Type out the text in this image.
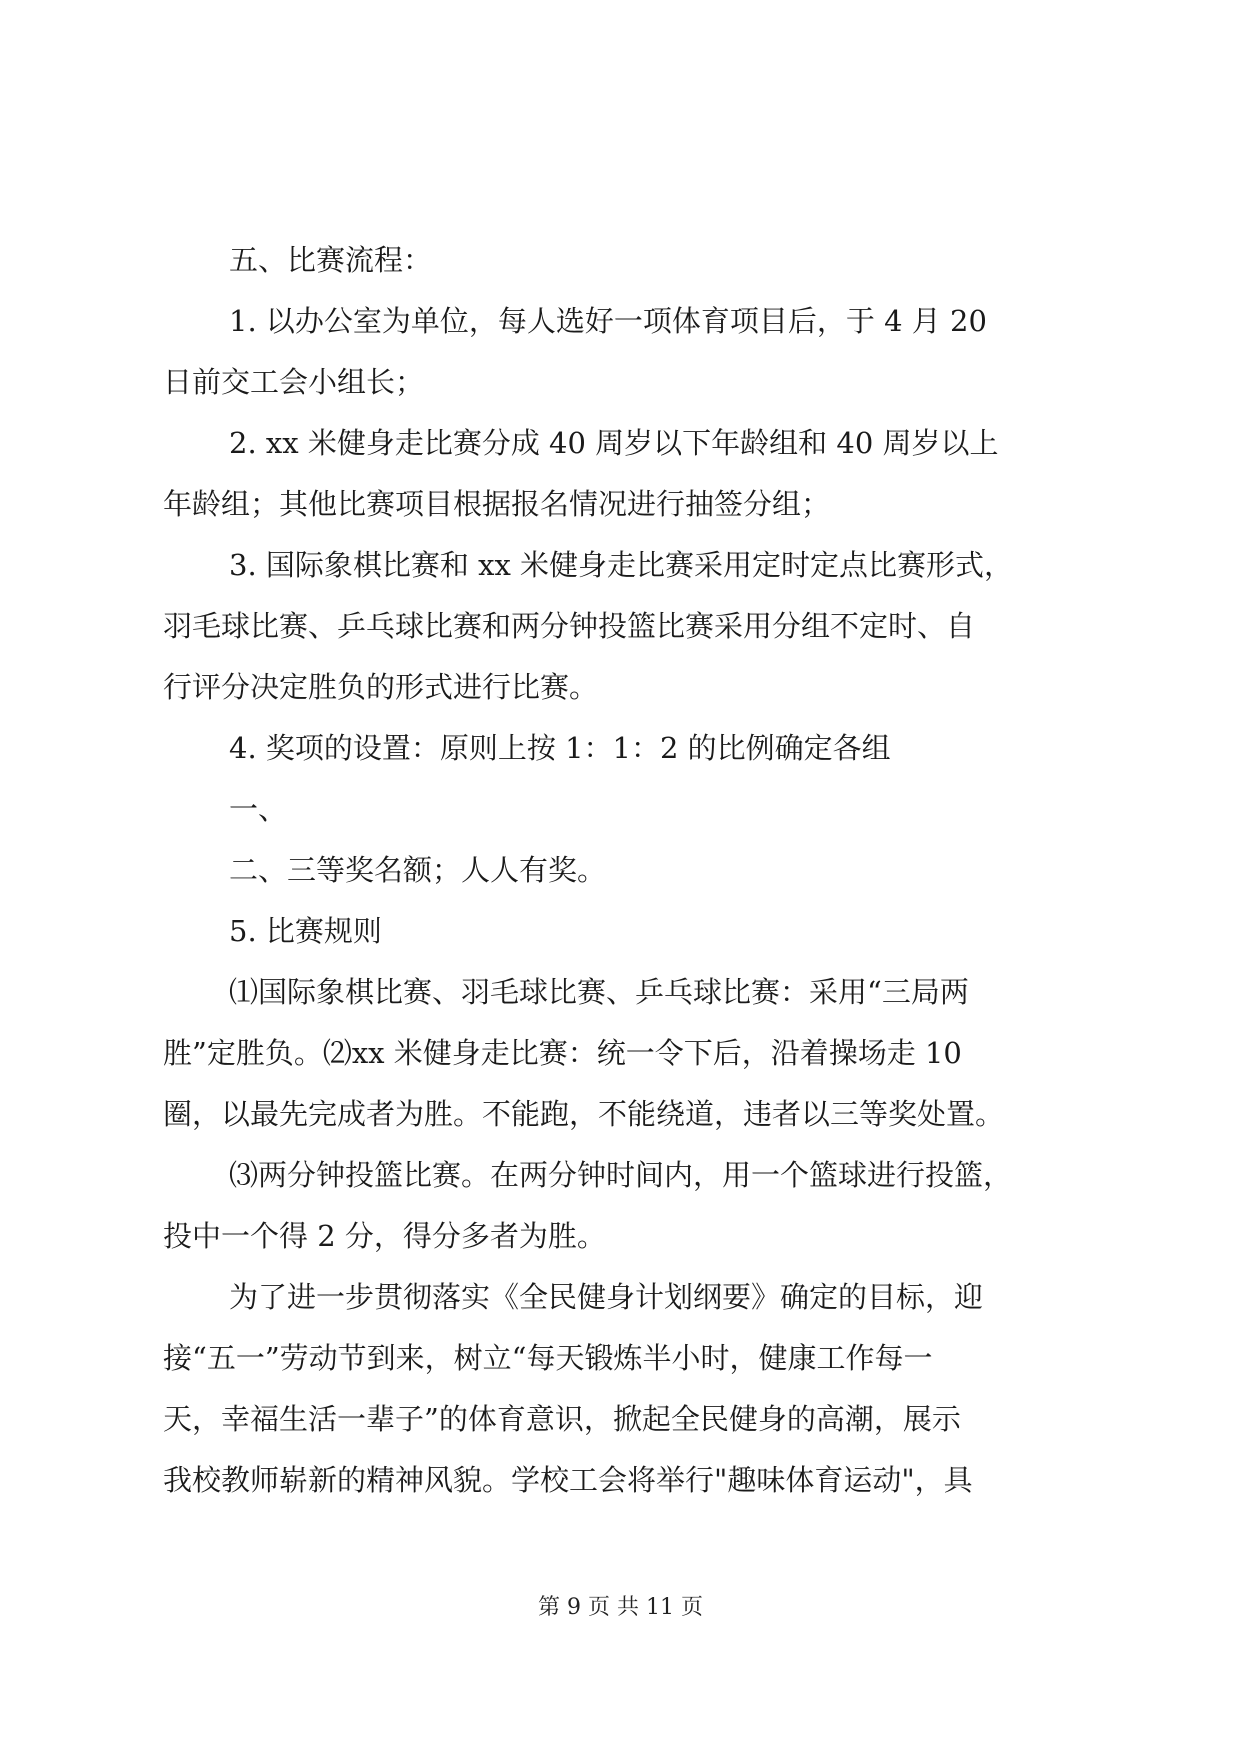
五、比赛流程：
1. 以办公室为单位，每人选好一项体育项目后，于 4 月 20
日前交工会小组长；
2. xx 米健身走比赛分成 40 周岁以下年龄组和 40 周岁以上
年龄组；其他比赛项目根据报名情况进行抽签分组；
3. 国际象棋比赛和 xx 米健身走比赛采用定时定点比赛形式，
羽毛球比赛、乒乓球比赛和两分钟投篮比赛采用分组不定时、自
行评分决定胜负的形式进行比赛。
4. 奖项的设置：原则上按 1：1：2 的比例确定各组
一、
二、三等奖名额；人人有奖。
5. 比赛规则
⑴国际象棋比赛、羽毛球比赛、乒乓球比赛：采用“三局两
胜”定胜负。⑵xx 米健身走比赛：统一令下后，沿着操场走 10
圈，以最先完成者为胜。不能跑，不能绕道，违者以三等奖处置。
⑶两分钟投篮比赛。在两分钟时间内，用一个篮球进行投篮，
投中一个得 2 分，得分多者为胜。
为了进一步贯彻落实《全民健身计划纲要》确定的目标，迎
接“五一”劳动节到来，树立“每天锻炼半小时，健康工作每一
天，幸福生活一辈子”的体育意识，掀起全民健身的高潮，展示
我校教师崭新的精神风貌。学校工会将举行"趣味体育运动"，具
第 9 页 共 11 页
